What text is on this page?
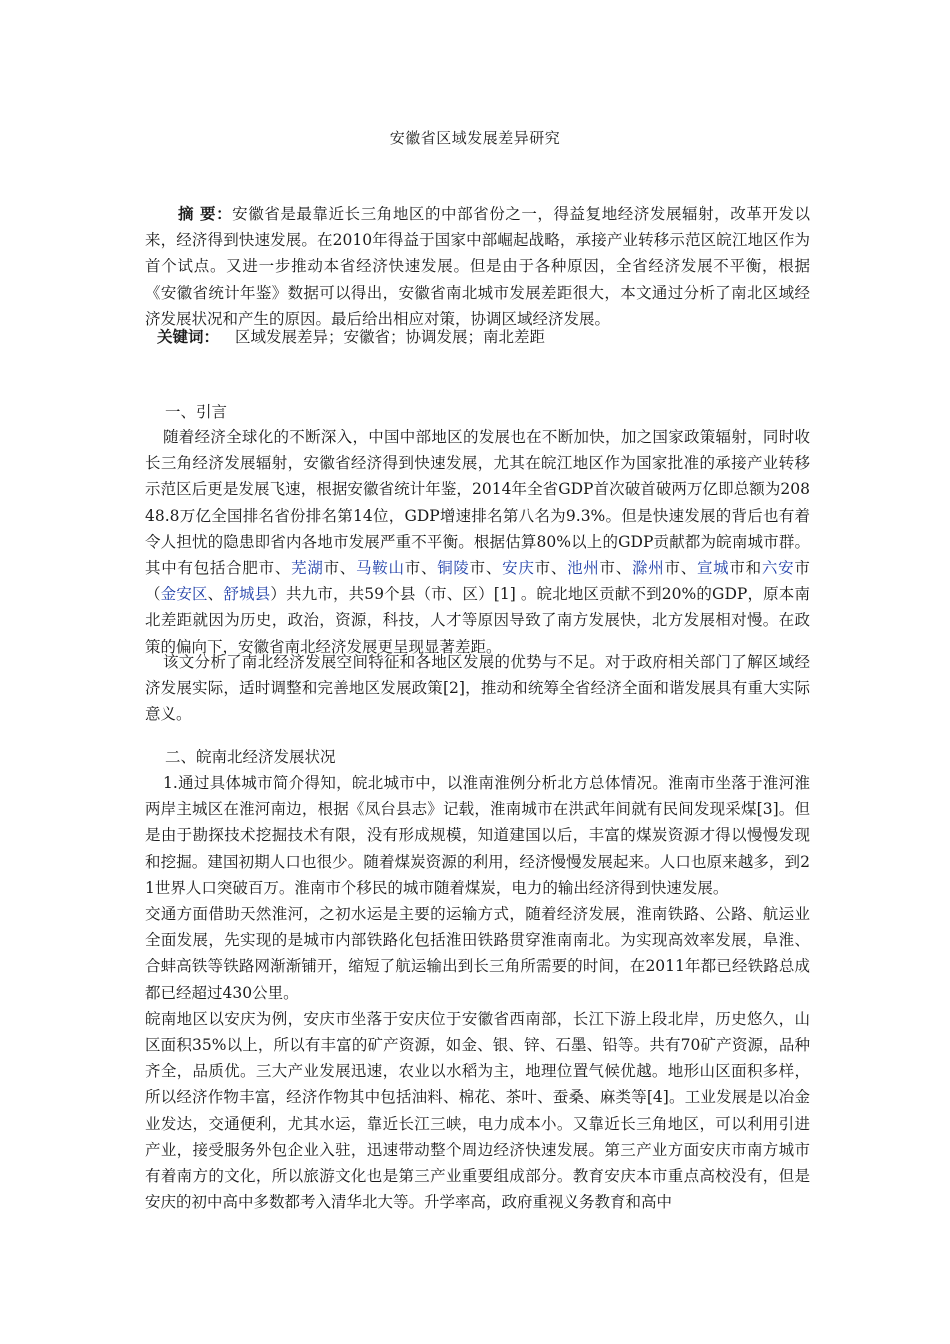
安徽省区域发展差异研究
摘 要：安徽省是最靠近长三角地区的中部省份之一，得益复地经济发展辐射，改革开发以来，经济得到快速发展。在2010年得益于国家中部崛起战略，承接产业转移示范区皖江地区作为首个试点。又进一步推动本省经济快速发展。但是由于各种原因，全省经济发展不平衡，根据《安徽省统计年鉴》数据可以得出，安徽省南北城市发展差距很大，本文通过分析了南北区域经济发展状况和产生的原因。最后给出相应对策，协调区域经济发展。
关键词： 区域发展差异；安徽省；协调发展；南北差距
一、引言
随着经济全球化的不断深入，中国中部地区的发展也在不断加快，加之国家政策辐射，同时收长三角经济发展辐射，安徽省经济得到快速发展，尤其在皖江地区作为国家批准的承接产业转移示范区后更是发展飞速，根据安徽省统计年鉴，2014年全省GDP首次破首破两万亿即总额为20848.8万亿全国排名省份排名第14位，GDP增速排名第八名为9.3%。但是快速发展的背后也有着令人担忧的隐患即省内各地市发展严重不平衡。根据估算80%以上的GDP贡献都为皖南城市群。其中有包括合肥市、芜湖市、马鞍山市、铜陵市、安庆市、池州市、滁州市、宣城市和六安市（金安区、舒城县）共九市，共59个县（市、区）[1] 。皖北地区贡献不到20%的GDP，原本南北差距就因为历史，政治，资源，科技，人才等原因导致了南方发展快，北方发展相对慢。在政策的偏向下，安徽省南北经济发展更呈现显著差距。
该文分析了南北经济发展空间特征和各地区发展的优势与不足。对于政府相关部门了解区域经济发展实际，适时调整和完善地区发展政策[2]，推动和统筹全省经济全面和谐发展具有重大实际意义。
二、皖南北经济发展状况

1.通过具体城市简介得知，皖北城市中，以淮南淮例分析北方总体情况。淮南市坐落于淮河淮两岸主城区在淮河南边，根据《凤台县志》记载，淮南城市在洪武年间就有民间发现采煤[3]。但是由于勘探技术挖掘技术有限，没有形成规模，知道建国以后，丰富的煤炭资源才得以慢慢发现和挖掘。建国初期人口也很少。随着煤炭资源的利用，经济慢慢发展起来。人口也原来越多，到21世界人口突破百万。淮南市个移民的城市随着煤炭，电力的输出经济得到快速发展。

交通方面借助天然淮河，之初水运是主要的运输方式，随着经济发展，淮南铁路、公路、航运业全面发展，先实现的是城市内部铁路化包括淮田铁路贯穿淮南南北。为实现高效率发展，阜淮、合蚌高铁等铁路网渐渐铺开，缩短了航运输出到长三角所需要的时间，在2011年都已经铁路总成都已经超过430公里。

皖南地区以安庆为例，安庆市坐落于安庆位于安徽省西南部，长江下游上段北岸，历史悠久，山区面积35%以上，所以有丰富的矿产资源，如金、银、锌、石墨、铅等。共有70矿产资源，品种齐全，品质优。三大产业发展迅速，农业以水稻为主，地理位置气候优越。地形山区面积多样，所以经济作物丰富，经济作物其中包括油料、棉花、茶叶、蚕桑、麻类等[4]。工业发展是以冶金业发达，交通便利，尤其水运，靠近长江三峡，电力成本小。又靠近长三角地区，可以利用引进产业，接受服务外包企业入驻，迅速带动整个周边经济快速发展。第三产业方面安庆市南方城市有着南方的文化，所以旅游文化也是第三产业重要组成部分。教育安庆本市重点高校没有，但是安庆的初中高中多数都考入清华北大等。升学率高，政府重视义务教育和高中
